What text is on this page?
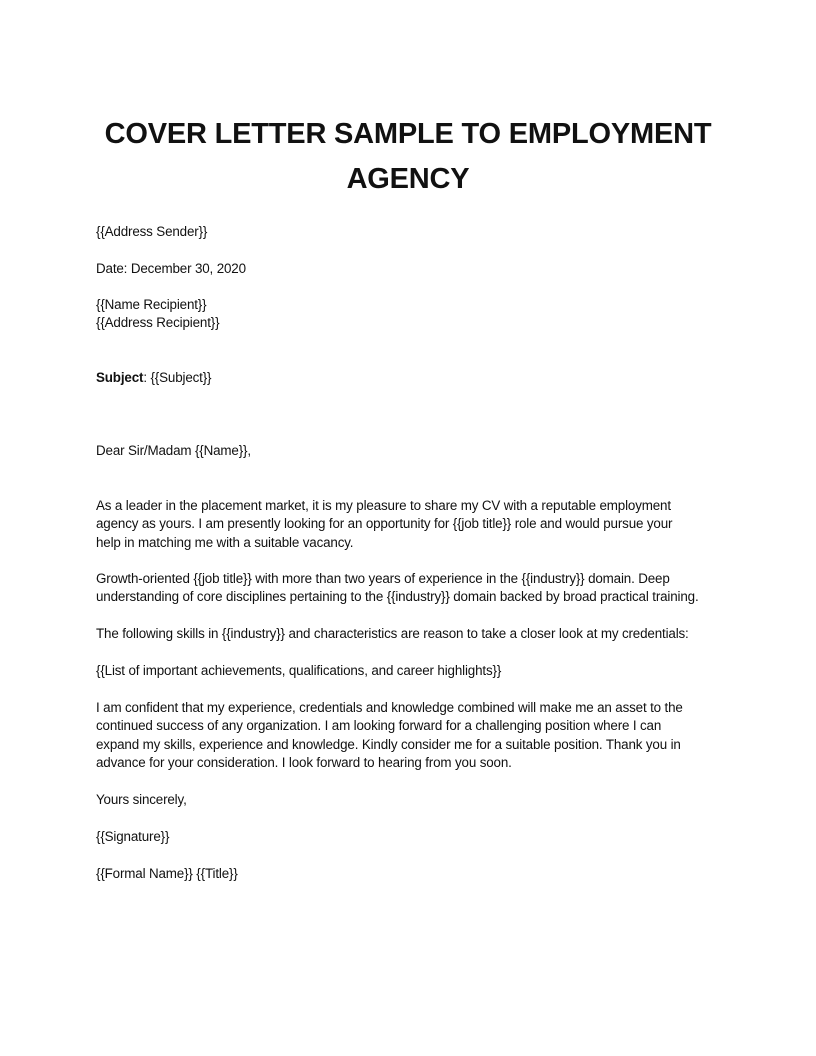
COVER LETTER SAMPLE TO EMPLOYMENT
AGENCY

{{Address Sender}}

Date: December 30, 2020

{{Name Recipient}}

{{Address Recipient}}

Subject: {{Subject}}

Dear Sir/Madam {{Name}},

As a leader in the placement market, it is my pleasure to share my CV with a reputable employment
agency as yours. I am presently looking for an opportunity for {{job title}} role and would pursue your
help in matching me with a suitable vacancy.

Growth-oriented {{job title}} with more than two years of experience in the {{industry}} domain. Deep
understanding of core disciplines pertaining to the {{industry}} domain backed by broad practical training.

The following skills in {{industry}} and characteristics are reason to take a closer look at my credentials:

{{List of important achievements, qualifications, and career highlights}}

I am confident that my experience, credentials and knowledge combined will make me an asset to the
continued success of any organization. I am looking forward for a challenging position where I can
expand my skills, experience and knowledge. Kindly consider me for a suitable position. Thank you in
advance for your consideration. I look forward to hearing from you soon.

Yours sincerely,

{{Signature}}

{{Formal Name}} {{Title}}
